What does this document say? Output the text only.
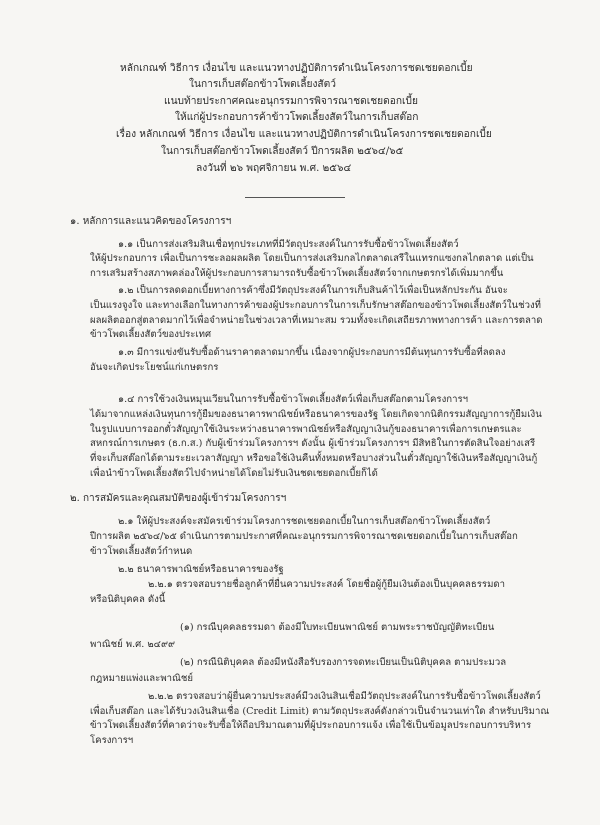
หลักเกณฑ์ วิธีการ เงื่อนไข และแนวทางปฏิบัติการดำเนินโครงการชดเชยดอกเบี้ย
ในการเก็บสต๊อกข้าวโพดเลี้ยงสัตว์
แนบท้ายประกาศคณะอนุกรรมการพิจารณาชดเชยดอกเบี้ย
ให้แก่ผู้ประกอบการค้าข้าวโพดเลี้ยงสัตว์ในการเก็บสต๊อก
เรื่อง หลักเกณฑ์ วิธีการ เงื่อนไข และแนวทางปฏิบัติการดำเนินโครงการชดเชยดอกเบี้ย
ในการเก็บสต๊อกข้าวโพดเลี้ยงสัตว์ ปีการผลิต ๒๕๖๔/๖๕
ลงวันที่ ๒๖ พฤศจิกายน พ.ศ. ๒๕๖๔
๑. หลักการและแนวคิดของโครงการฯ
๑.๑ เป็นการส่งเสริมสินเชื่อทุกประเภทที่มีวัตถุประสงค์ในการรับซื้อข้าวโพดเลี้ยงสัตว์
ให้ผู้ประกอบการ เพื่อเป็นการชะลอผลผลิต โดยเป็นการส่งเสริมกลไกตลาดเสรีในแทรกแซงกลไกตลาด แต่เป็น
การเสริมสร้างสภาพคล่องให้ผู้ประกอบการสามารถรับซื้อข้าวโพดเลี้ยงสัตว์จากเกษตรกรได้เพิ่มมากขึ้น
๑.๒ เป็นการลดดอกเบี้ยทางการค้าซึ่งมีวัตถุประสงค์ในการเก็บสินค้าไว้เพื่อเป็นหลักประกัน อันจะ
เป็นแรงจูงใจ และทางเลือกในทางการค้าของผู้ประกอบการในการเก็บรักษาสต๊อกของข้าวโพดเลี้ยงสัตว์ในช่วงที่
ผลผลิตออกสู่ตลาดมากไว้เพื่อจำหน่ายในช่วงเวลาที่เหมาะสม รวมทั้งจะเกิดเสถียรภาพทางการค้า และการตลาด
ข้าวโพดเลี้ยงสัตว์ของประเทศ
๑.๓ มีการแข่งขันรับซื้อด้านราคาตลาดมากขึ้น เนื่องจากผู้ประกอบการมีต้นทุนการรับซื้อที่ลดลง
อันจะเกิดประโยชน์แก่เกษตรกร
๑.๔ การใช้วงเงินหมุนเวียนในการรับซื้อข้าวโพดเลี้ยงสัตว์เพื่อเก็บสต๊อกตามโครงการฯ
ได้มาจากแหล่งเงินทุนการกู้ยืมของธนาคารพาณิชย์หรือธนาคารของรัฐ โดยเกิดจากนิติกรรมสัญญาการกู้ยืมเงิน
ในรูปแบบการออกตั๋วสัญญาใช้เงินระหว่างธนาคารพาณิชย์หรือสัญญาเงินกู้ของธนาคารเพื่อการเกษตรและ
สหกรณ์การเกษตร (ธ.ก.ส.) กับผู้เข้าร่วมโครงการฯ ดังนั้น ผู้เข้าร่วมโครงการฯ มีสิทธิในการตัดสินใจอย่างเสรี
ที่จะเก็บสต๊อกได้ตามระยะเวลาสัญญา หรือขอใช้เงินคืนทั้งหมดหรือบางส่วนในตั๋วสัญญาใช้เงินหรือสัญญาเงินกู้
เพื่อนำข้าวโพดเลี้ยงสัตว์ไปจำหน่ายได้โดยไม่รับเงินชดเชยดอกเบี้ยก็ได้
๒. การสมัครและคุณสมบัติของผู้เข้าร่วมโครงการฯ
๒.๑ ให้ผู้ประสงค์จะสมัครเข้าร่วมโครงการชดเชยดอกเบี้ยในการเก็บสต๊อกข้าวโพดเลี้ยงสัตว์
ปีการผลิต ๒๕๖๔/๖๕ ดำเนินการตามประกาศที่คณะอนุกรรมการพิจารณาชดเชยดอกเบี้ยในการเก็บสต๊อก
ข้าวโพดเลี้ยงสัตว์กำหนด
๒.๒ ธนาคารพาณิชย์หรือธนาคารของรัฐ
๒.๒.๑ ตรวจสอบรายชื่อลูกค้าที่ยื่นความประสงค์ โดยชื่อผู้กู้ยืมเงินต้องเป็นบุคคลธรรมดา
หรือนิติบุคคล ดังนี้
(๑) กรณีบุคคลธรรมดา ต้องมีใบทะเบียนพาณิชย์ ตามพระราชบัญญัติทะเบียน
พาณิชย์ พ.ศ. ๒๔๙๙
(๒) กรณีนิติบุคคล ต้องมีหนังสือรับรองการจดทะเบียนเป็นนิติบุคคล ตามประมวล
กฎหมายแพ่งและพาณิชย์
๒.๒.๒ ตรวจสอบว่าผู้ยื่นความประสงค์มีวงเงินสินเชื่อมีวัตถุประสงค์ในการรับซื้อข้าวโพดเลี้ยงสัตว์
เพื่อเก็บสต๊อก และได้รับวงเงินสินเชื่อ (Credit Limit) ตามวัตถุประสงค์ดังกล่าวเป็นจำนวนเท่าใด สำหรับปริมาณ
ข้าวโพดเลี้ยงสัตว์ที่คาดว่าจะรับซื้อให้ถือปริมาณตามที่ผู้ประกอบการแจ้ง เพื่อใช้เป็นข้อมูลประกอบการบริหาร
โครงการฯ
